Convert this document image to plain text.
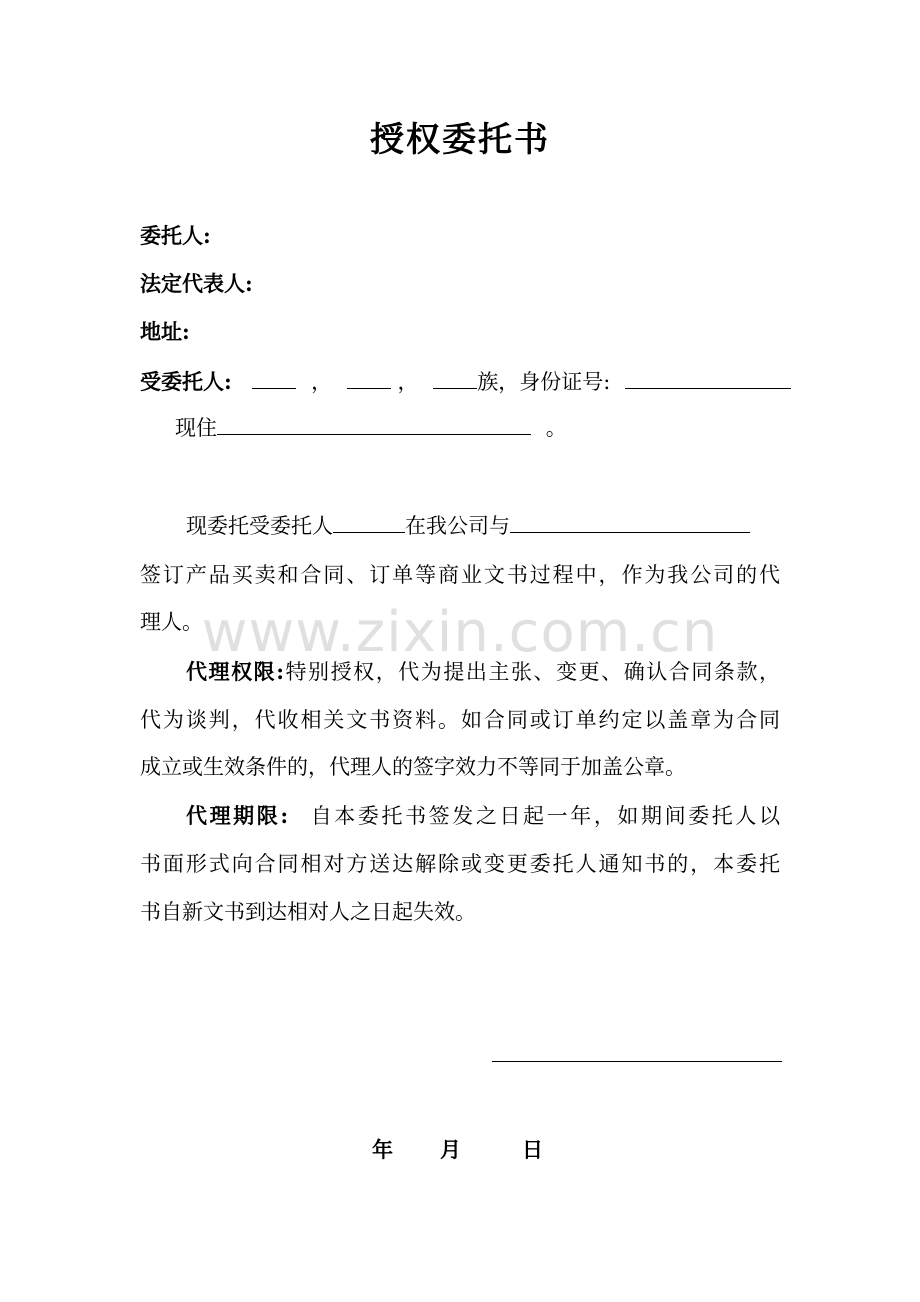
授权委托书
委托人:
法定代表人:
地址:
受委托人:	，	，	族，身份证号:
现住	。
现委托受委托人	在我公司与
签订产品买卖和合同、订单等商业文书过程中，作为我公司的代
理人。
www.zixin.com.cn
代理权限:特别授权，代为提出主张、变更、确认合同条款，
代为谈判，代收相关文书资料。如合同或订单约定以盖章为合同
成立或生效条件的，代理人的签字效力不等同于加盖公章。
代理期限: 自本委托书签发之日起一年，如期间委托人以
书面形式向合同相对方送达解除或变更委托人通知书的，本委托
书自新文书到达相对人之日起失效。
年 月	日
